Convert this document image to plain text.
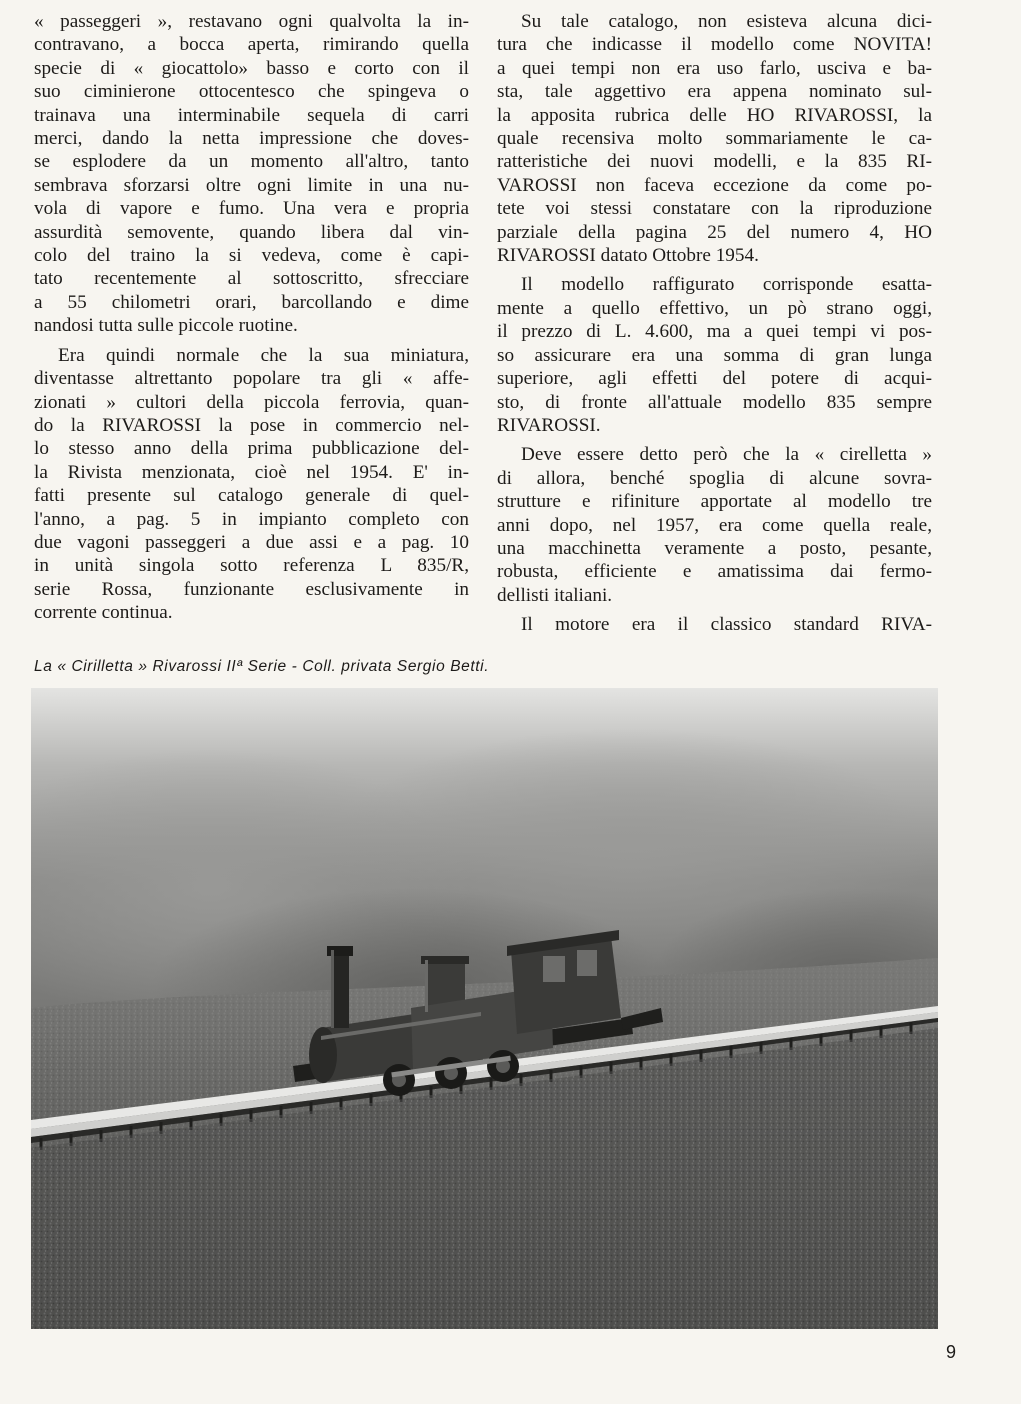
« passeggeri », restavano ogni qualvolta la in-
contravano, a bocca aperta, rimirando quella
specie di « giocattolo» basso e corto con il
suo ciminierone ottocentesco che spingeva o
trainava una interminabile sequela di carri
merci, dando la netta impressione che doves-
se esplodere da un momento all'altro, tanto
sembrava sforzarsi oltre ogni limite in una nu-
vola di vapore e fumo. Una vera e propria
assurdità semovente, quando libera dal vin-
colo del traino la si vedeva, come è capi-
tato recentemente al sottoscritto, sfrecciare
a 55 chilometri orari, barcollando e dime
nandosi tutta sulle piccole ruotine.

Era quindi normale che la sua miniatura,
diventasse altrettanto popolare tra gli « affe-
zionati » cultori della piccola ferrovia, quan-
do la RIVAROSSI la pose in commercio nel-
lo stesso anno della prima pubblicazione del-
la Rivista menzionata, cioè nel 1954. E' in-
fatti presente sul catalogo generale di quel-
l'anno, a pag. 5 in impianto completo con
due vagoni passeggeri a due assi e a pag. 10
in unità singola sotto referenza L 835/R,
serie Rossa, funzionante esclusivamente in
corrente continua.

Su tale catalogo, non esisteva alcuna dici-
tura che indicasse il modello come NOVITA!
a quei tempi non era uso farlo, usciva e ba-
sta, tale aggettivo era appena nominato sul-
la apposita rubrica delle HO RIVAROSSI, la
quale recensiva molto sommariamente le ca-
ratteristiche dei nuovi modelli, e la 835 RI-
VAROSSI non faceva eccezione da come po-
tete voi stessi constatare con la riproduzione
parziale della pagina 25 del numero 4, HO
RIVAROSSI datato Ottobre 1954.

Il modello raffigurato corrisponde esatta-
mente a quello effettivo, un pò strano oggi,
il prezzo di L. 4.600, ma a quei tempi vi pos-
so assicurare era una somma di gran lunga
superiore, agli effetti del potere di acqui-
sto, di fronte all'attuale modello 835 sempre
RIVAROSSI.

Deve essere detto però che la « cirelletta »
di allora, benché spoglia di alcune sovra-
strutture e rifiniture apportate al modello tre
anni dopo, nel 1957, era come quella reale,
una macchinetta veramente a posto, pesante,
robusta, efficiente e amatissima dai fermo-
dellisti italiani.

Il motore era il classico standard RIVA-

La « Cirilletta » Rivarossi IIª Serie - Coll. privata Sergio Betti.
9
